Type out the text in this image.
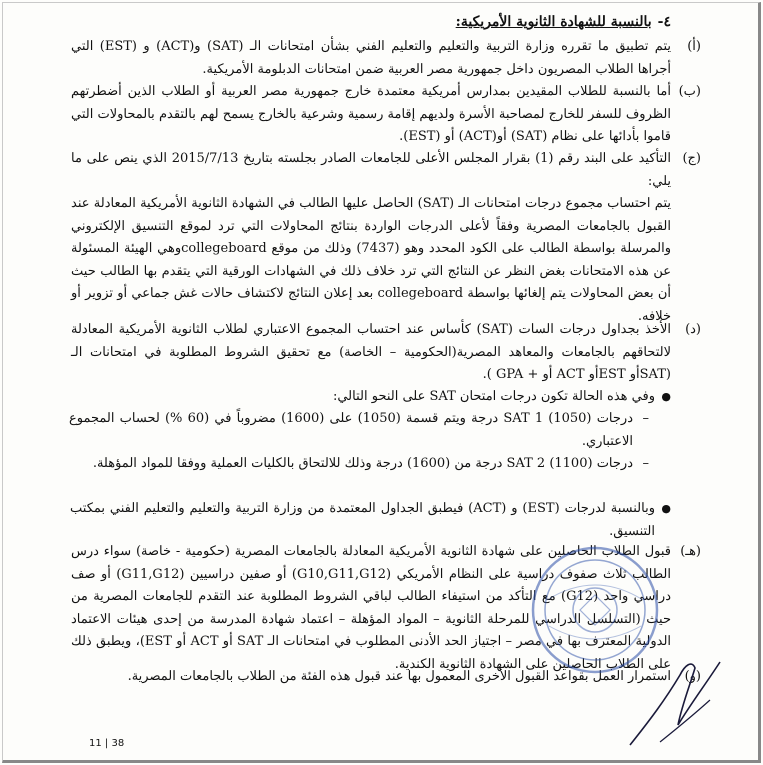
٤-بالنسبة للشهادة الثانوية الأمريكية:
(أ)
يتم تطبيق ما تقرره وزارة التربية والتعليم والتعليم الفني بشأن امتحانات الـ (SAT) و(ACT) و (EST) التي أجراها الطلاب المصريون داخل جمهورية مصر العربية ضمن امتحانات الدبلومة الأمريكية.
(ب)
أما بالنسبة للطلاب المقيدين بمدارس أمريكية معتمدة خارج جمهورية مصر العربية أو الطلاب الذين أضطرتهم الظروف للسفر للخارج لمصاحبة الأسرة ولديهم إقامة رسمية وشرعية بالخارج يسمح لهم بالتقدم بالمحاولات التي قاموا بأدائها على نظام (SAT) أو(ACT) أو (EST).
(ج)
التأكيد على البند رقم (1) بقرار المجلس الأعلى للجامعات الصادر بجلسته بتاريخ 2015/7/13 الذي ينص على ما يلي:
يتم احتساب مجموع درجات امتحانات الـ (SAT) الحاصل عليها الطالب في الشهادة الثانوية الأمريكية المعادلة عند القبول بالجامعات المصرية وفقاً لأعلى الدرجات الواردة بنتائج المحاولات التي ترد لموقع التنسيق الإلكتروني والمرسلة بواسطة الطالب على الكود المحدد وهو (7437) وذلك من موقع collegeboardوهي الهيئة المسئولة عن هذه الامتحانات بغض النظر عن النتائج التي ترد خلاف ذلك في الشهادات الورقية التي يتقدم بها الطالب حيث أن بعض المحاولات يتم إلغائها بواسطة collegeboard بعد إعلان النتائج لاكتشاف حالات غش جماعي أو تزوير أو خلافه.
(د)
الأخذ بجداول درجات السات (SAT) كأساس عند احتساب المجموع الاعتباري لطلاب الثانوية الأمريكية المعادلة لالتحاقهم بالجامعات والمعاهد المصرية(الحكومية – الخاصة) مع تحقيق الشروط المطلوبة في امتحانات الـ (SATأو ESTأو ACT أو + GPA ).
●
وفي هذه الحالة تكون درجات امتحان SAT على النحو التالي:
–
درجات SAT 1 (1050) درجة ويتم قسمة (1050) على (1600) مضروباً في (60 %) لحساب المجموع الاعتباري.
–
درجات SAT 2 (1100) درجة من (1600) درجة وذلك للالتحاق بالكليات العملية ووفقا للمواد المؤهلة.
●
وبالنسبة لدرجات (EST) و (ACT) فيطبق الجداول المعتمدة من وزارة التربية والتعليم والتعليم الفني بمكتب التنسيق.
(هـ)
قبول الطلاب الحاصلين على شهادة الثانوية الأمريكية المعادلة بالجامعات المصرية (حكومية - خاصة) سواء درس الطالب ثلاث صفوف دراسية على النظام الأمريكي (G10,G11,G12) أو صفين دراسيين (G11,G12) أو صف دراسي واحد (G12) مع التأكد من استيفاء الطالب لباقي الشروط المطلوبة عند التقدم للجامعات المصرية من حيث (التسلسل الدراسي للمرحلة الثانوية – المواد المؤهلة – اعتماد شهادة المدرسة من إحدى هيئات الاعتماد الدولية المعترف بها في مصر – اجتياز الحد الأدنى المطلوب في امتحانات الـ SAT أو ACT أو EST)، ويطبق ذلك على الطلاب الحاصلين على الشهادة الثانوية الكندية.
(و)
استمرار العمل بقواعد القبول الأخرى المعمول بها عند قبول هذه الفئة من الطلاب بالجامعات المصرية.
11 | 38
